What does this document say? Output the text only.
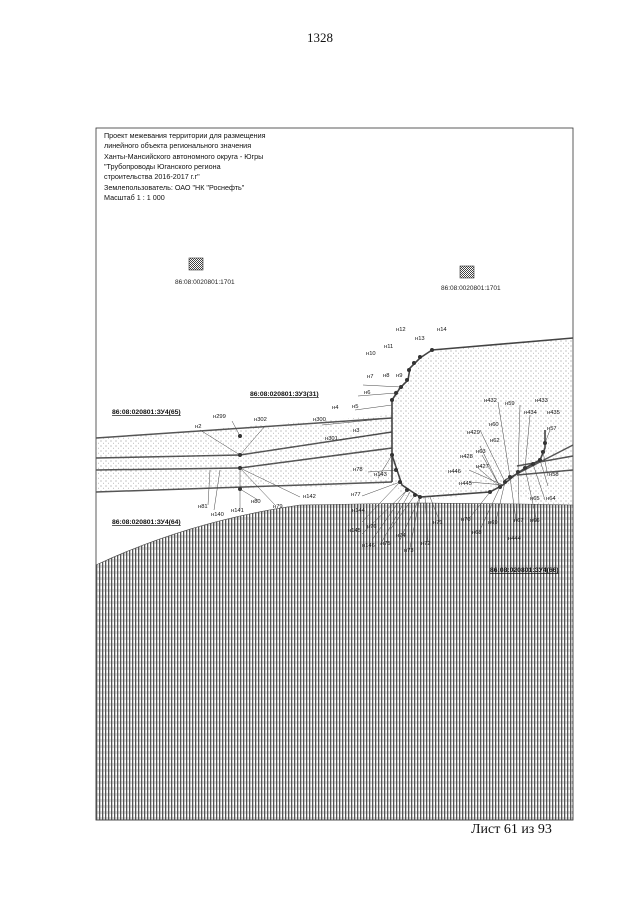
1328
Проект межевания территории для размещения
линейного объекта регионального значения
Ханты-Мансийского автономного округа - Югры
"Трубопроводы Юганского региона
строительства 2016-2017 г.г"
Землепользователь: ОАО "НК "Роснефть"
Масштаб 1 : 1 000
86:08:0020801:1701
86:08:0020801:1701
86:08:020801:ЗУ4(65)
86:08:020801:ЗУ3(31)
86:08:020801:ЗУ4(64)
86:08:020801:ЗУ4(66)
н12
н13
н14
н11
н10
н7 н8 н9
н6
н5
н4
н3
н2
н299	н302	н300
н301
н78
н143
н77
н142
н79
н80
н141
н140
н81
н144
н145
н76
н146 н75
н74
н73
н72
н71	н70
н68
н69	н67 н66
н444
н65 н64
н58
н57
н435
н433
н432 н59
н434
н60
н429
н62
н63
н428
н427
н446
н445
Лист 61 из 93
